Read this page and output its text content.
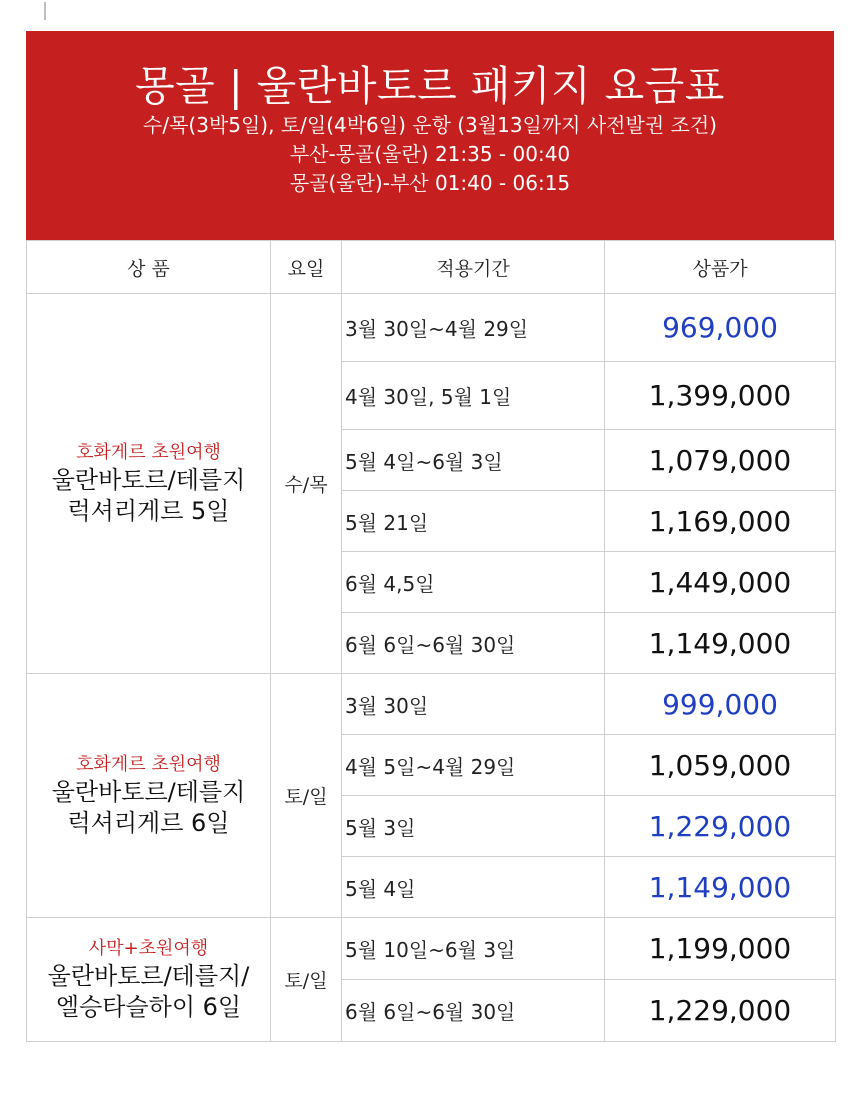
몽골 | 울란바토르 패키지 요금표
수/목(3박5일), 토/일(4박6일) 운항 (3월13일까지 사전발권 조건)
부산-몽골(울란) 21:35 - 00:40
몽골(울란)-부산 01:40 - 06:15
상 품	요일	적용기간	상품가

호화게르 초원여행
울란바토르/테를지
럭셔리게르 5일	수/목	3월 30일~4월 29일	969,000
		4월 30일, 5월 1일	1,399,000
		5월 4일~6월 3일	1,079,000
		5월 21일	1,169,000
		6월 4,5일	1,449,000
		6월 6일~6월 30일	1,149,000

호화게르 초원여행
울란바토르/테를지
럭셔리게르 6일	토/일	3월 30일	999,000
		4월 5일~4월 29일	1,059,000
		5월 3일	1,229,000
		5월 4일	1,149,000

사막+초원여행
울란바토르/테를지/
엘승타슬하이 6일	토/일	5월 10일~6월 3일	1,199,000
		6월 6일~6월 30일	1,229,000
